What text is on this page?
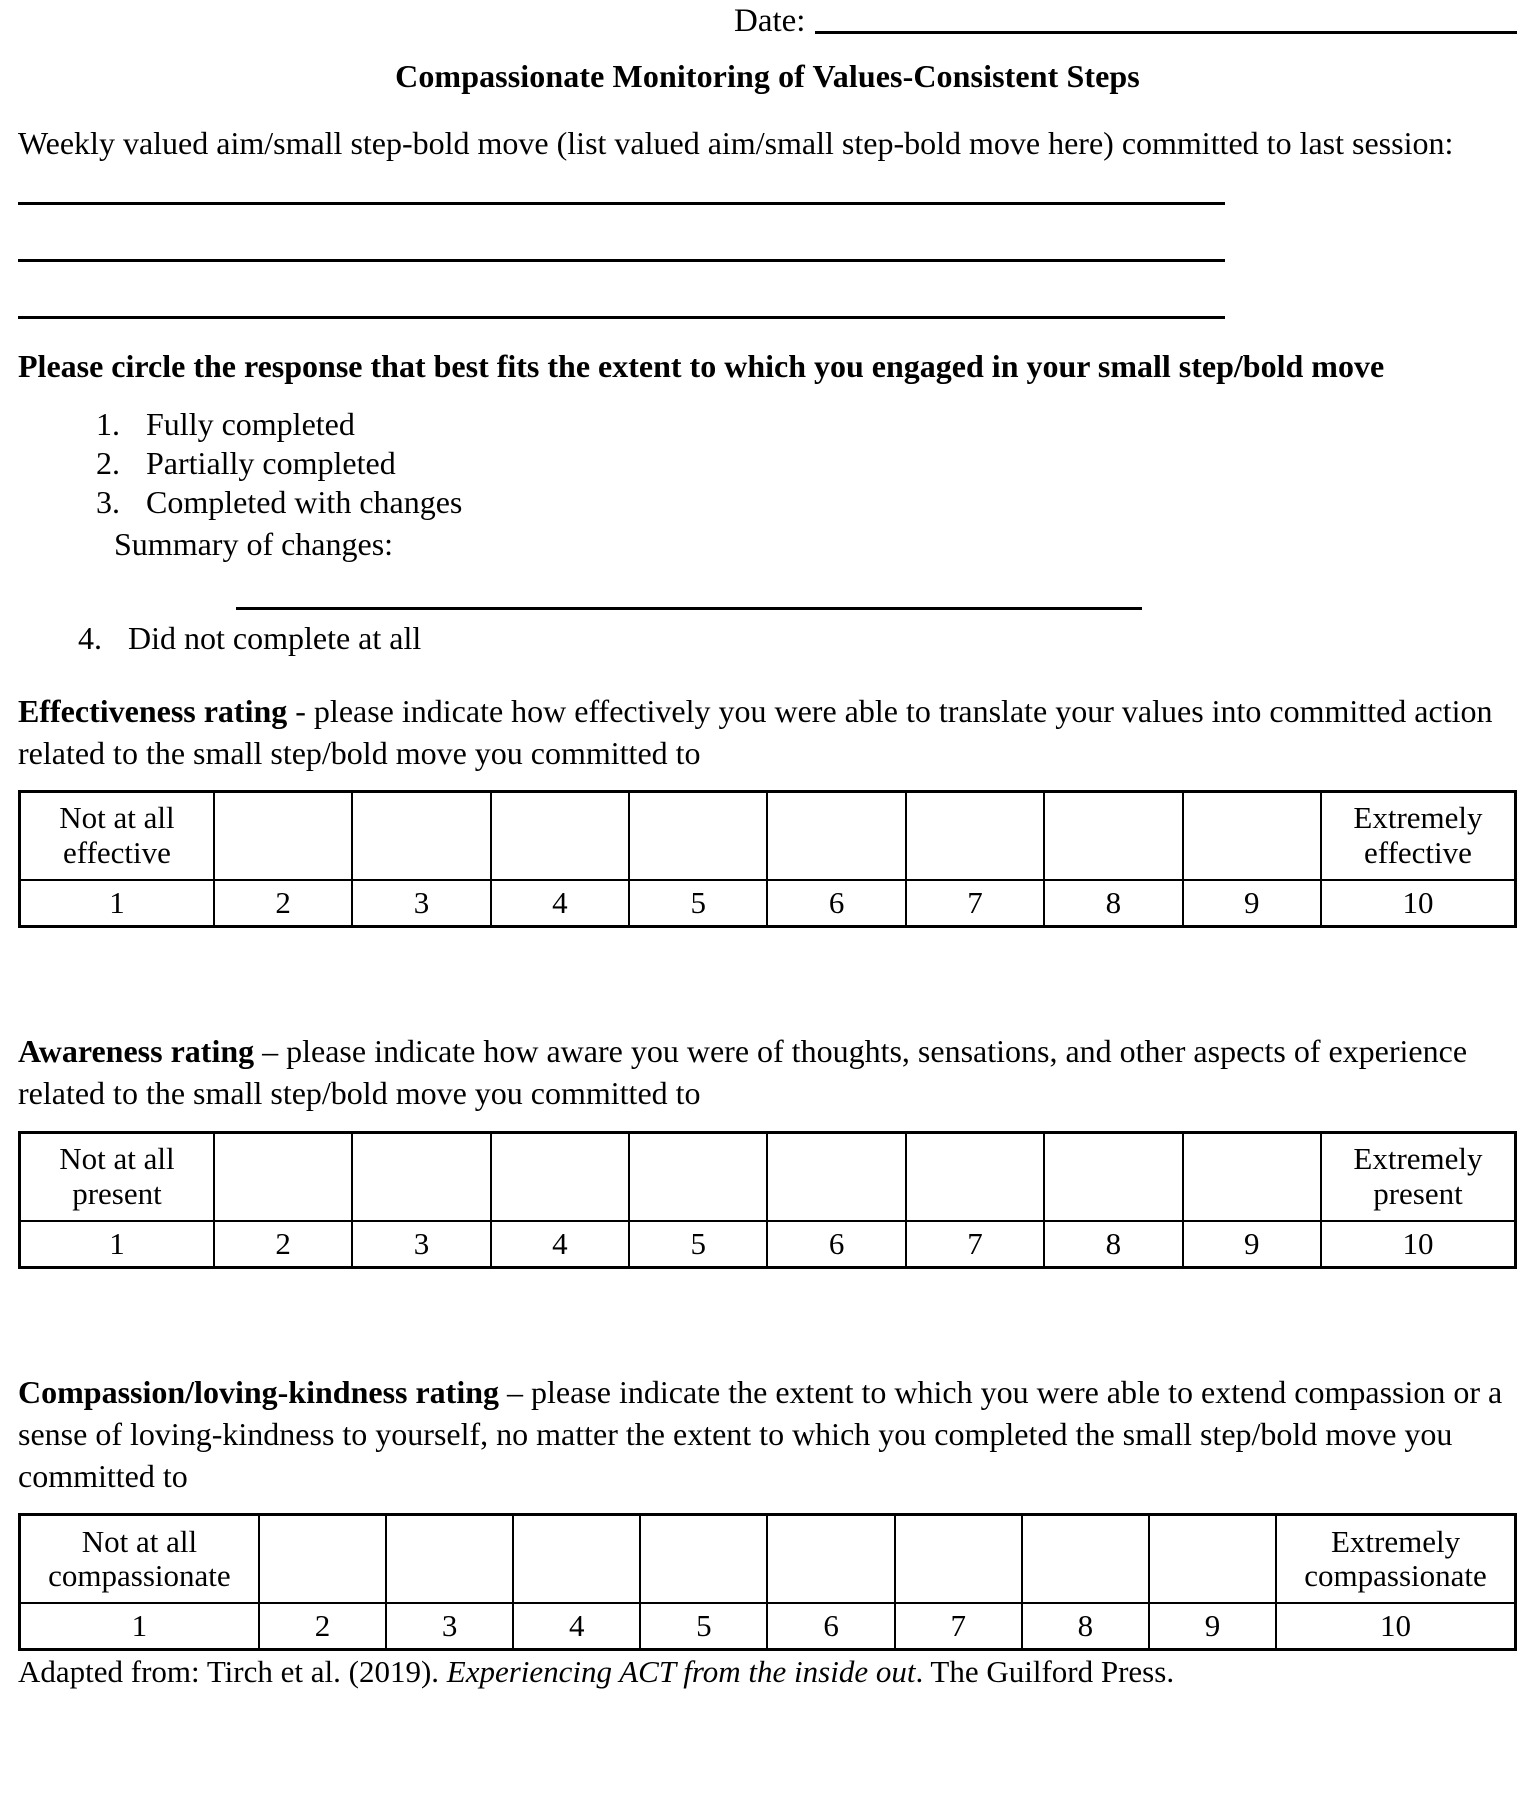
Date:
Compassionate Monitoring of Values-Consistent Steps
Weekly valued aim/small step-bold move (list valued aim/small step-bold move here) committed to last session:
Please circle the response that best fits the extent to which you engaged in your small step/bold move
1. Fully completed
2. Partially completed
3. Completed with changes
Summary of changes:
4. Did not complete at all
Effectiveness rating - please indicate how effectively you were able to translate your values into committed action related to the small step/bold move you committed to
Not at all effective									Extremely effective
1	2	3	4	5	6	7	8	9	10
Awareness rating – please indicate how aware you were of thoughts, sensations, and other aspects of experience related to the small step/bold move you committed to
Not at all present									Extremely present
1	2	3	4	5	6	7	8	9	10
Compassion/loving-kindness rating – please indicate the extent to which you were able to extend compassion or a sense of loving-kindness to yourself, no matter the extent to which you completed the small step/bold move you committed to
Not at all compassionate									Extremely compassionate
1	2	3	4	5	6	7	8	9	10
Adapted from: Tirch et al. (2019). Experiencing ACT from the inside out. The Guilford Press.
